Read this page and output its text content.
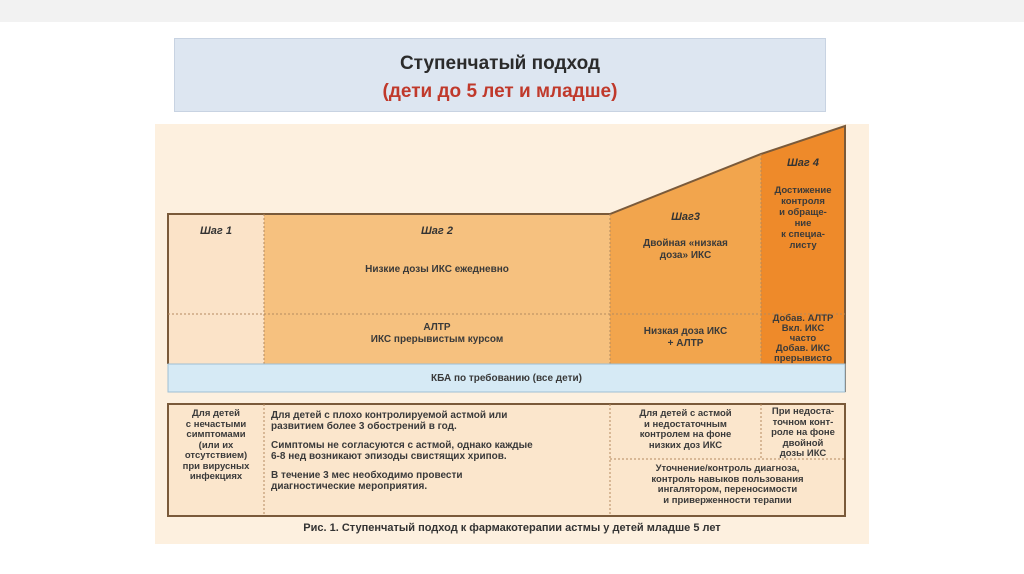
Ступенчатый подход
(дети до 5 лет и младше)
Шаг 1	Шаг 2
Шаг3
Шаг 4
Низкие дозы ИКС ежедневно
АЛТР
ИКС прерывистым курсом
Двойная «низкая
доза» ИКС
Низкая доза ИКС
+ АЛТР
Достижение
контроля
и обраще-
ние
к специа-
листу
Добав. АЛТР
Вкл. ИКС
часто
Добав. ИКС
прерывисто
КБА по требованию (все дети)
Для детей
с нечастыми
симптомами
(или их
отсутствием)
при вирусных
инфекциях
Для детей с плохо контролируемой астмой или
развитием более 3 обострений в год.
Симптомы не согласуются с астмой, однако каждые
6-8 нед возникают эпизоды свистящих хрипов.
В течение 3 мес необходимо провести
диагностические мероприятия.
Для детей с астмой
и недостаточным
контролем на фоне
низких доз ИКС
При недоста-
точном конт-
роле на фоне
двойной
дозы ИКС
Уточнение/контроль диагноза,
контроль навыков пользования
ингалятором, переносимости
и приверженности терапии
Рис. 1. Ступенчатый подход к фармакотерапии астмы у детей младше 5 лет
